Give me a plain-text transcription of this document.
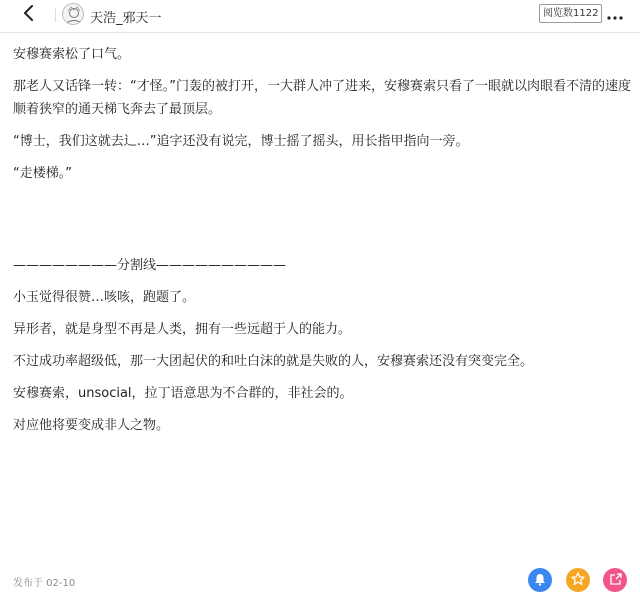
天浩_邪天一	阅览数1122
安穆赛索松了口气。
那老人又话锋一转：“才怪。”门轰的被打开，一大群人冲了进来，安穆赛索只看了一眼就以肉眼看不清的速度
顺着狭窄的通天梯飞奔去了最顶层。
“博士，我们这就去辶…”追字还没有说完，博士摇了摇头，用长指甲指向一旁。
“走楼梯。”
————————分割线——————————
小玉觉得很赞…咳咳，跑题了。
异形者，就是身型不再是人类，拥有一些远超于人的能力。
不过成功率超级低，那一大团起伏的和吐白沫的就是失败的人，安穆赛索还没有突变完全。
安穆赛索，unsocial，拉丁语意思为不合群的，非社会的。
对应他将要变成非人之物。
发布于 02-10
